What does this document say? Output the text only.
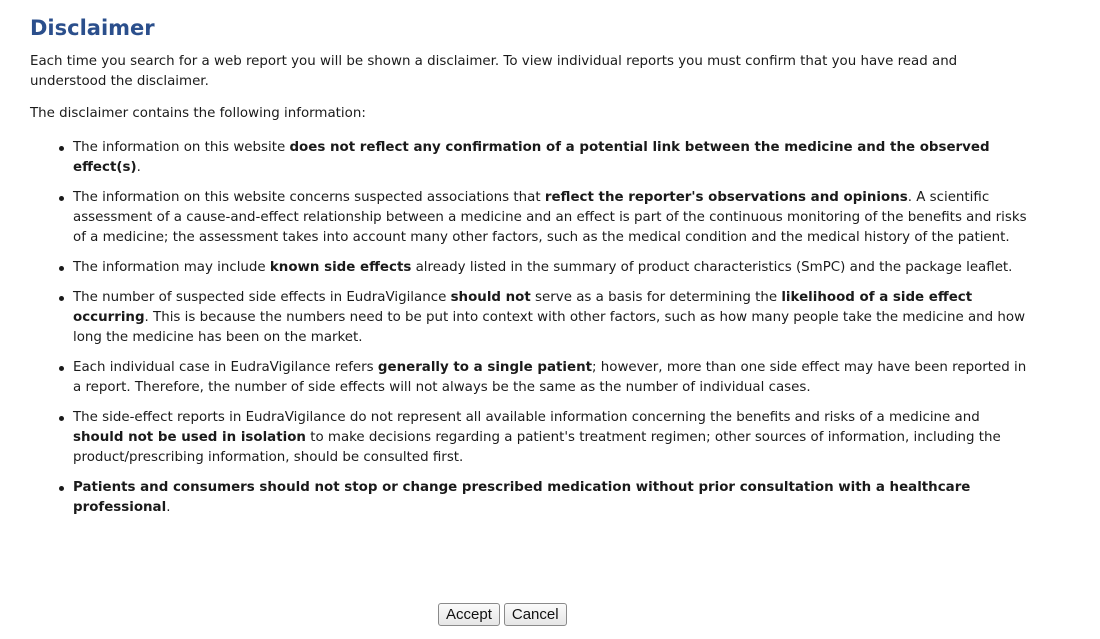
Disclaimer

Each time you search for a web report you will be shown a disclaimer. To view individual reports you must confirm that you have read and understood the disclaimer.

The disclaimer contains the following information:

The information on this website does not reflect any confirmation of a potential link between the medicine and the observed effect(s).
The information on this website concerns suspected associations that reflect the reporter's observations and opinions. A scientific assessment of a cause-and-effect relationship between a medicine and an effect is part of the continuous monitoring of the benefits and risks of a medicine; the assessment takes into account many other factors, such as the medical condition and the medical history of the patient.
The information may include known side effects already listed in the summary of product characteristics (SmPC) and the package leaflet.
The number of suspected side effects in EudraVigilance should not serve as a basis for determining the likelihood of a side effect occurring. This is because the numbers need to be put into context with other factors, such as how many people take the medicine and how long the medicine has been on the market.
Each individual case in EudraVigilance refers generally to a single patient; however, more than one side effect may have been reported in a report. Therefore, the number of side effects will not always be the same as the number of individual cases.
The side-effect reports in EudraVigilance do not represent all available information concerning the benefits and risks of a medicine and should not be used in isolation to make decisions regarding a patient's treatment regimen; other sources of information, including the product/prescribing information, should be consulted first.
Patients and consumers should not stop or change prescribed medication without prior consultation with a healthcare professional.
Accept	Cancel
